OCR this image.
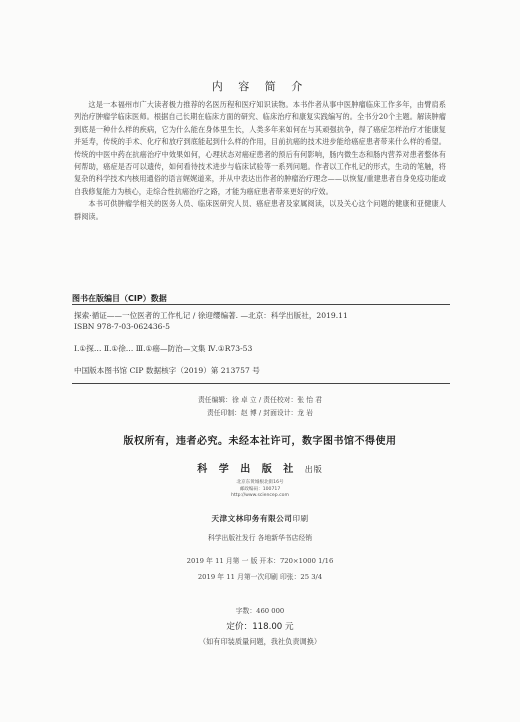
内 容 简 介

这是一本福州市广大读者极力推荐的名医历程和医疗知识读物。本书作者从事中医肿瘤临床工作多年，由臂肩系列治疗肿瘤学临床医师。根据自己长期在临床方面的研究、临床治疗和康复实践编写的。全书分20个主题。解读肿瘤到底是一种什么样的疾病，它为什么能在身体里生长，人类多年来如何在与其顽强抗争，得了癌症怎样治疗才能康复并延寿，传统的手术、化疗和放疗到底能起到什么样的作用，目前抗癌的技术进步能给癌症患者带来什么样的希望。传统的中医中药在抗癌治疗中效果如何，心理状态对癌症患者的预后有何影响，肠内微生态和肠内营养对患者整体有何帮助，癌症是否可以遗传，如何看待技术进步与临床试验等一系列问题。作者以工作札记的形式，生动的笔触，将复杂的科学技术内核用通俗的语言娓娓道来，并从中表达出作者的肿瘤治疗理念——以恢复/重建患者自身免疫功能或自我修复能力为核心，走综合性抗癌治疗之路，才能为癌症患者带来更好的疗效。

本书可供肿瘤学相关的医务人员、临床医研究人员、癌症患者及家属阅读，以及关心这个问题的健康和亚健康人群阅读。

图书在版编目（CIP）数据
探索·循证——一位医者的工作札记 / 徐迎缨编著. —北京：科学出版社，2019.11
ISBN 978-7-03-062436-5
Ⅰ.①探… Ⅱ.①徐… Ⅲ.①癌—防治—文集 Ⅳ.①R73-53
中国版本图书馆 CIP 数据核字（2019）第 213757 号
责任编辑：徐 卓 立 / 责任校对：张 怡 君
责任印制：赵 博 / 封面设计：龙 岩
版权所有，违者必究。未经本社许可，数字图书馆不得使用
科 学 出 版 社 出版
北京东黄城根北街16号
邮政编码：100717
http://www.sciencep.com
天津文林印务有限公司印刷
科学出版社发行 各地新华书店经销
2019 年 11 月第 一 版 开本：720×1000 1/16
2019 年 11 月第一次印刷 印张：25 3/4
字数：460 000
定价：118.00 元
（如有印装质量问题，我社负责调换）
